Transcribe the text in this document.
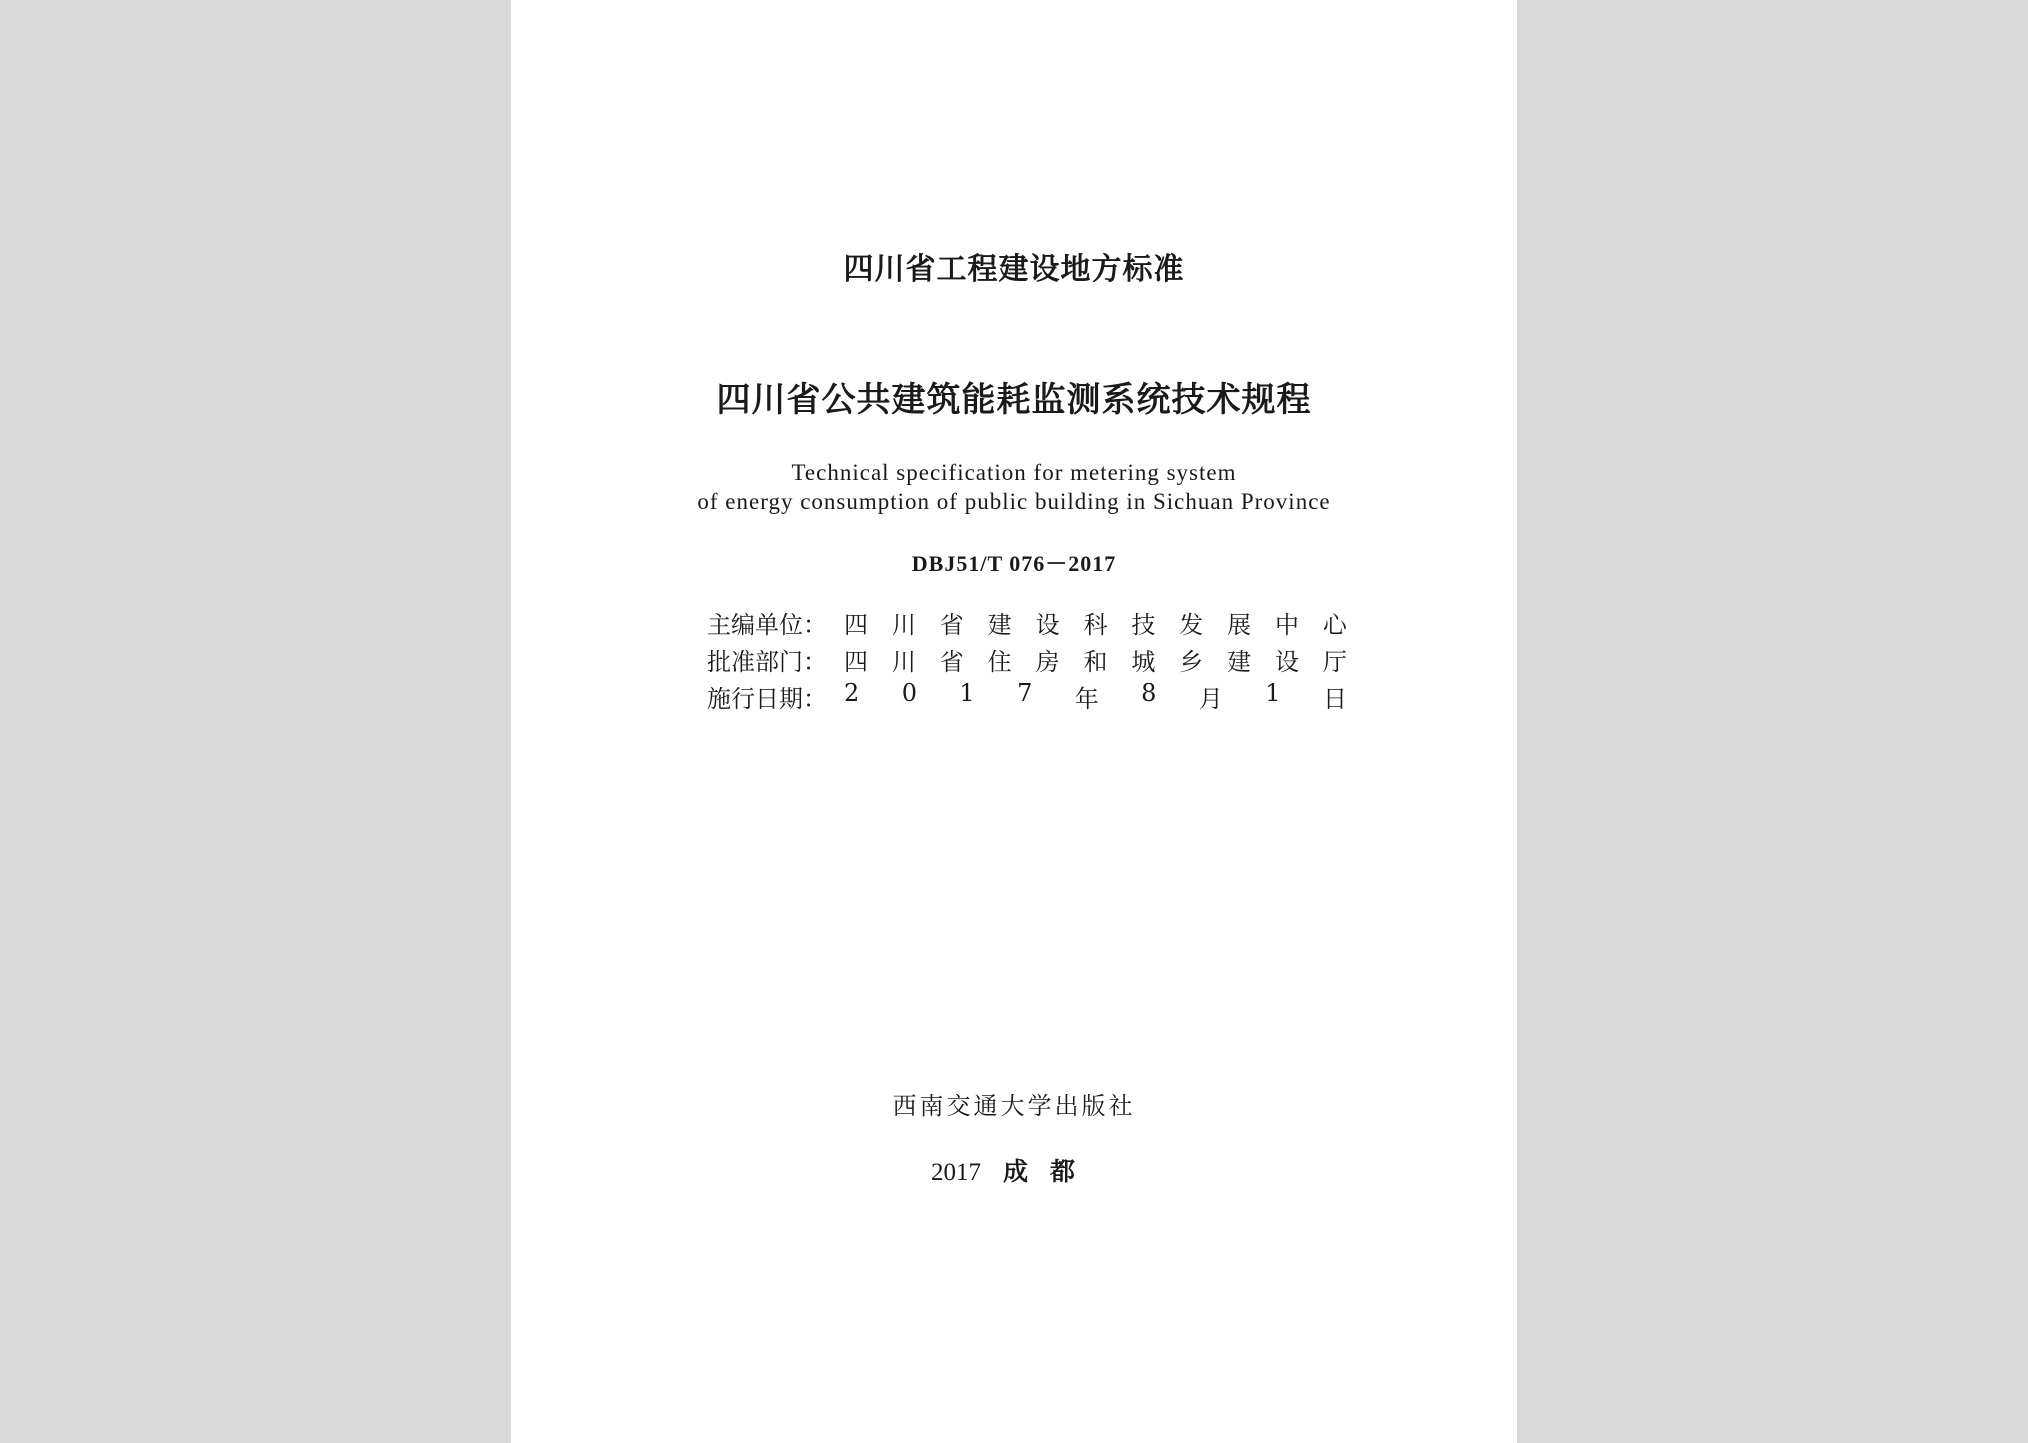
四川省工程建设地方标准
四川省公共建筑能耗监测系统技术规程
Technical specification for metering system
of energy consumption of public building in Sichuan Province
DBJ51/T 076－2017
主编单位： 四 川 省 建 设 科 技 发 展 中 心
批准部门： 四 川 省 住 房 和 城 乡 建 设 厅
施行日期： 2 0 1 7 年 8 月 1 日
西南交通大学出版社
2017 成都
